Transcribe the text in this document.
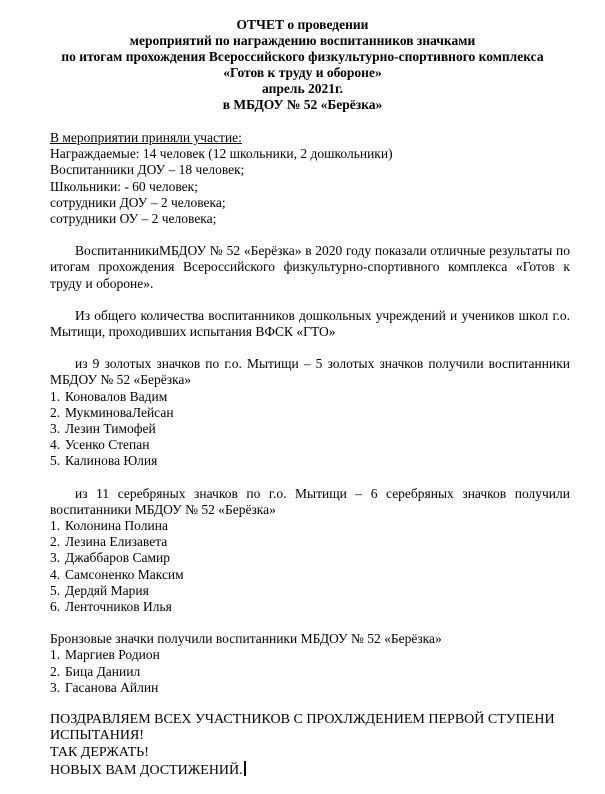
ОТЧЕТ о проведении
мероприятий по награждению воспитанников значками
по итогам прохождения Всероссийского физкультурно-спортивного комплекса
«Готов к труду и обороне»
апрель 2021г.
в МБДОУ № 52 «Берёзка»
В мероприятии приняли участие:
Награждаемые: 14 человек (12 школьники, 2 дошкольники)
Воспитанники ДОУ – 18 человек;
Школьники: - 60 человек;
сотрудники ДОУ – 2 человека;
сотрудники ОУ – 2 человека;
ВоспитанникиМБДОУ № 52 «Берёзка» в 2020 году показали отличные результаты по итогам прохождения Всероссийского физкультурно-спортивного комплекса «Готов к труду и обороне».
Из общего количества воспитанников дошкольных учреждений и учеников школ г.о. Мытищи, проходивших испытания ВФСК «ГТО»
из 9 золотых значков по г.о. Мытищи – 5 золотых значков получили воспитанники МБДОУ № 52 «Берёзка»
1. Коновалов Вадим
2. МукминоваЛейсан
3. Лезин Тимофей
4. Усенко Степан
5. Калинова Юлия
из 11 серебряных значков по г.о. Мытищи – 6 серебряных значков получили воспитанники МБДОУ № 52 «Берёзка»
1. Колонина Полина
2. Лезина Елизавета
3. Джаббаров Самир
4. Самсоненко Максим
5. Дердяй Мария
6. Ленточников Илья
Бронзовые значки получили воспитанники МБДОУ № 52 «Берёзка»
1. Маргиев Родион
2. Бица Даниил
3. Гасанова Айлин
ПОЗДРАВЛЯЕМ ВСЕХ УЧАСТНИКОВ С ПРОХЛЖДЕНИЕМ ПЕРВОЙ СТУПЕНИ ИСПЫТАНИЯ!
ТАК ДЕРЖАТЬ!
НОВЫХ ВАМ ДОСТИЖЕНИЙ.
